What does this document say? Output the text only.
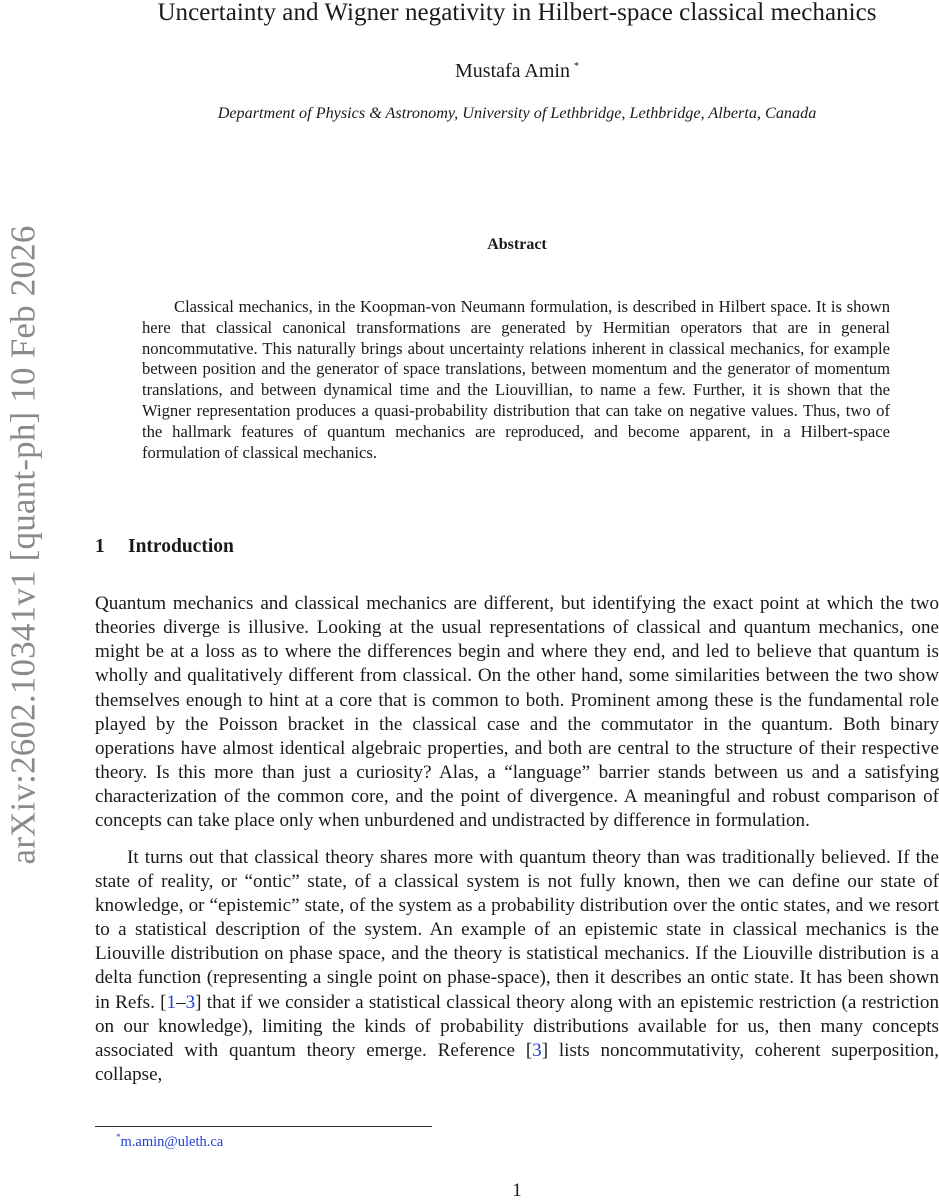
arXiv:2602.10341v1 [quant-ph] 10 Feb 2026
Uncertainty and Wigner negativity in Hilbert-space classical mechanics
Mustafa Amin *
Department of Physics & Astronomy, University of Lethbridge, Lethbridge, Alberta, Canada
Abstract

Classical mechanics, in the Koopman-von Neumann formulation, is described in Hilbert space. It is shown here that classical canonical transformations are generated by Hermitian operators that are in general noncommutative. This naturally brings about uncertainty relations inherent in classical mechanics, for example between position and the generator of space translations, between momentum and the generator of momentum translations, and between dynamical time and the Liouvillian, to name a few. Further, it is shown that the Wigner representation produces a quasi-probability distribution that can take on negative values. Thus, two of the hallmark features of quantum mechanics are reproduced, and become apparent, in a Hilbert-space formulation of classical mechanics.

1 Introduction

Quantum mechanics and classical mechanics are different, but identifying the exact point at which the two theories diverge is illusive. Looking at the usual representations of classical and quantum mechanics, one might be at a loss as to where the differences begin and where they end, and led to believe that quantum is wholly and qualitatively different from classical. On the other hand, some similarities between the two show themselves enough to hint at a core that is common to both. Prominent among these is the fundamental role played by the Poisson bracket in the classical case and the commutator in the quantum. Both binary operations have almost identical algebraic properties, and both are central to the structure of their respective theory. Is this more than just a curiosity? Alas, a “language” barrier stands between us and a satisfying characterization of the common core, and the point of divergence. A meaningful and robust comparison of concepts can take place only when unburdened and undistracted by difference in formulation.

It turns out that classical theory shares more with quantum theory than was traditionally believed. If the state of reality, or “ontic” state, of a classical system is not fully known, then we can define our state of knowledge, or “epistemic” state, of the system as a probability distribution over the ontic states, and we resort to a statistical description of the system. An example of an epistemic state in classical mechanics is the Liouville distribution on phase space, and the theory is statistical mechanics. If the Liouville distribution is a delta function (representing a single point on phase-space), then it describes an ontic state. It has been shown in Refs. [1–3] that if we consider a statistical classical theory along with an epistemic restriction (a restriction on our knowledge), limiting the kinds of probability distributions available for us, then many concepts associated with quantum theory emerge. Reference [3] lists noncommutativity, coherent superposition, collapse,

*m.amin@uleth.ca
1
